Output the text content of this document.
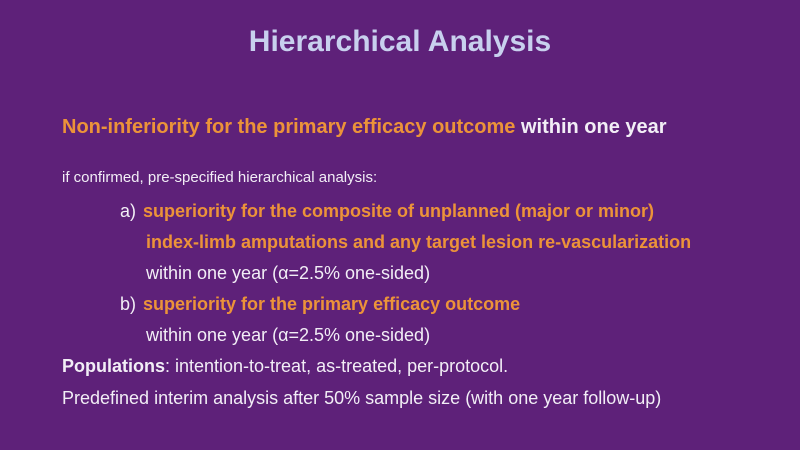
Hierarchical Analysis
Non-inferiority for the primary efficacy outcome within one year
if confirmed, pre-specified hierarchical analysis:
a) superiority for the composite of unplanned (major or minor)
index-limb amputations and any target lesion re-vascularization
within one year (α=2.5% one-sided)
b) superiority for the primary efficacy outcome
within one year (α=2.5% one-sided)
Populations: intention-to-treat, as-treated, per-protocol.
Predefined interim analysis after 50% sample size (with one year follow-up)
